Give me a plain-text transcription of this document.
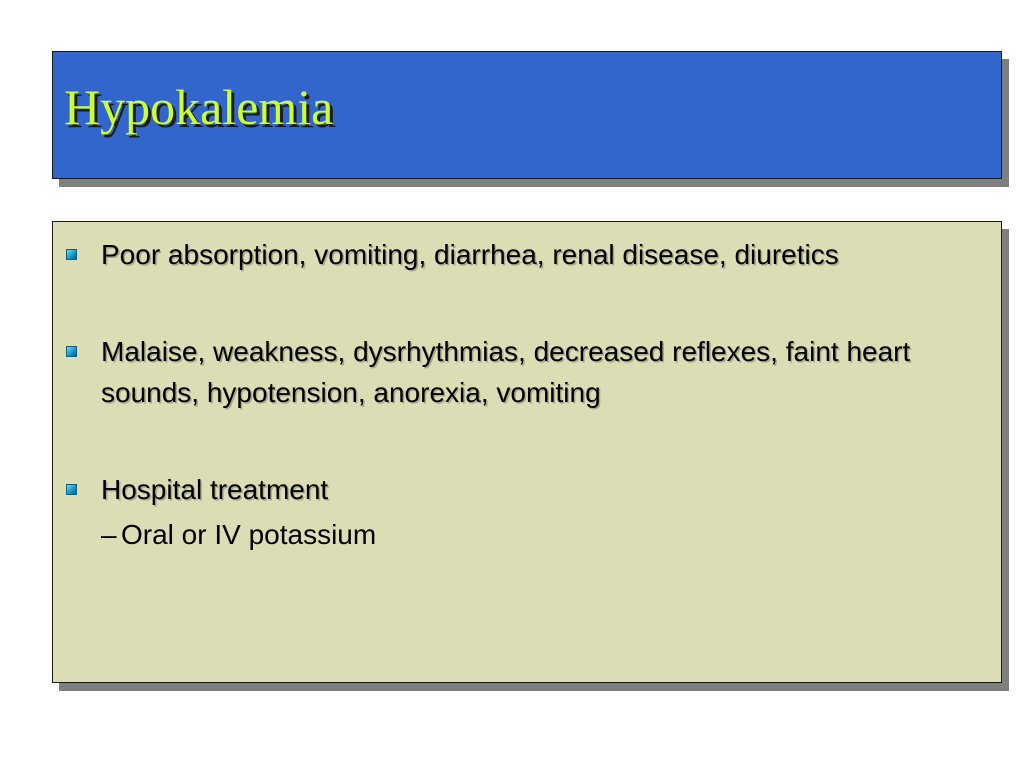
Hypokalemia
Poor absorption, vomiting, diarrhea, renal disease, diuretics
Malaise, weakness, dysrhythmias, decreased reflexes, faint heart sounds, hypotension, anorexia, vomiting
Hospital treatment
– Oral or IV potassium
